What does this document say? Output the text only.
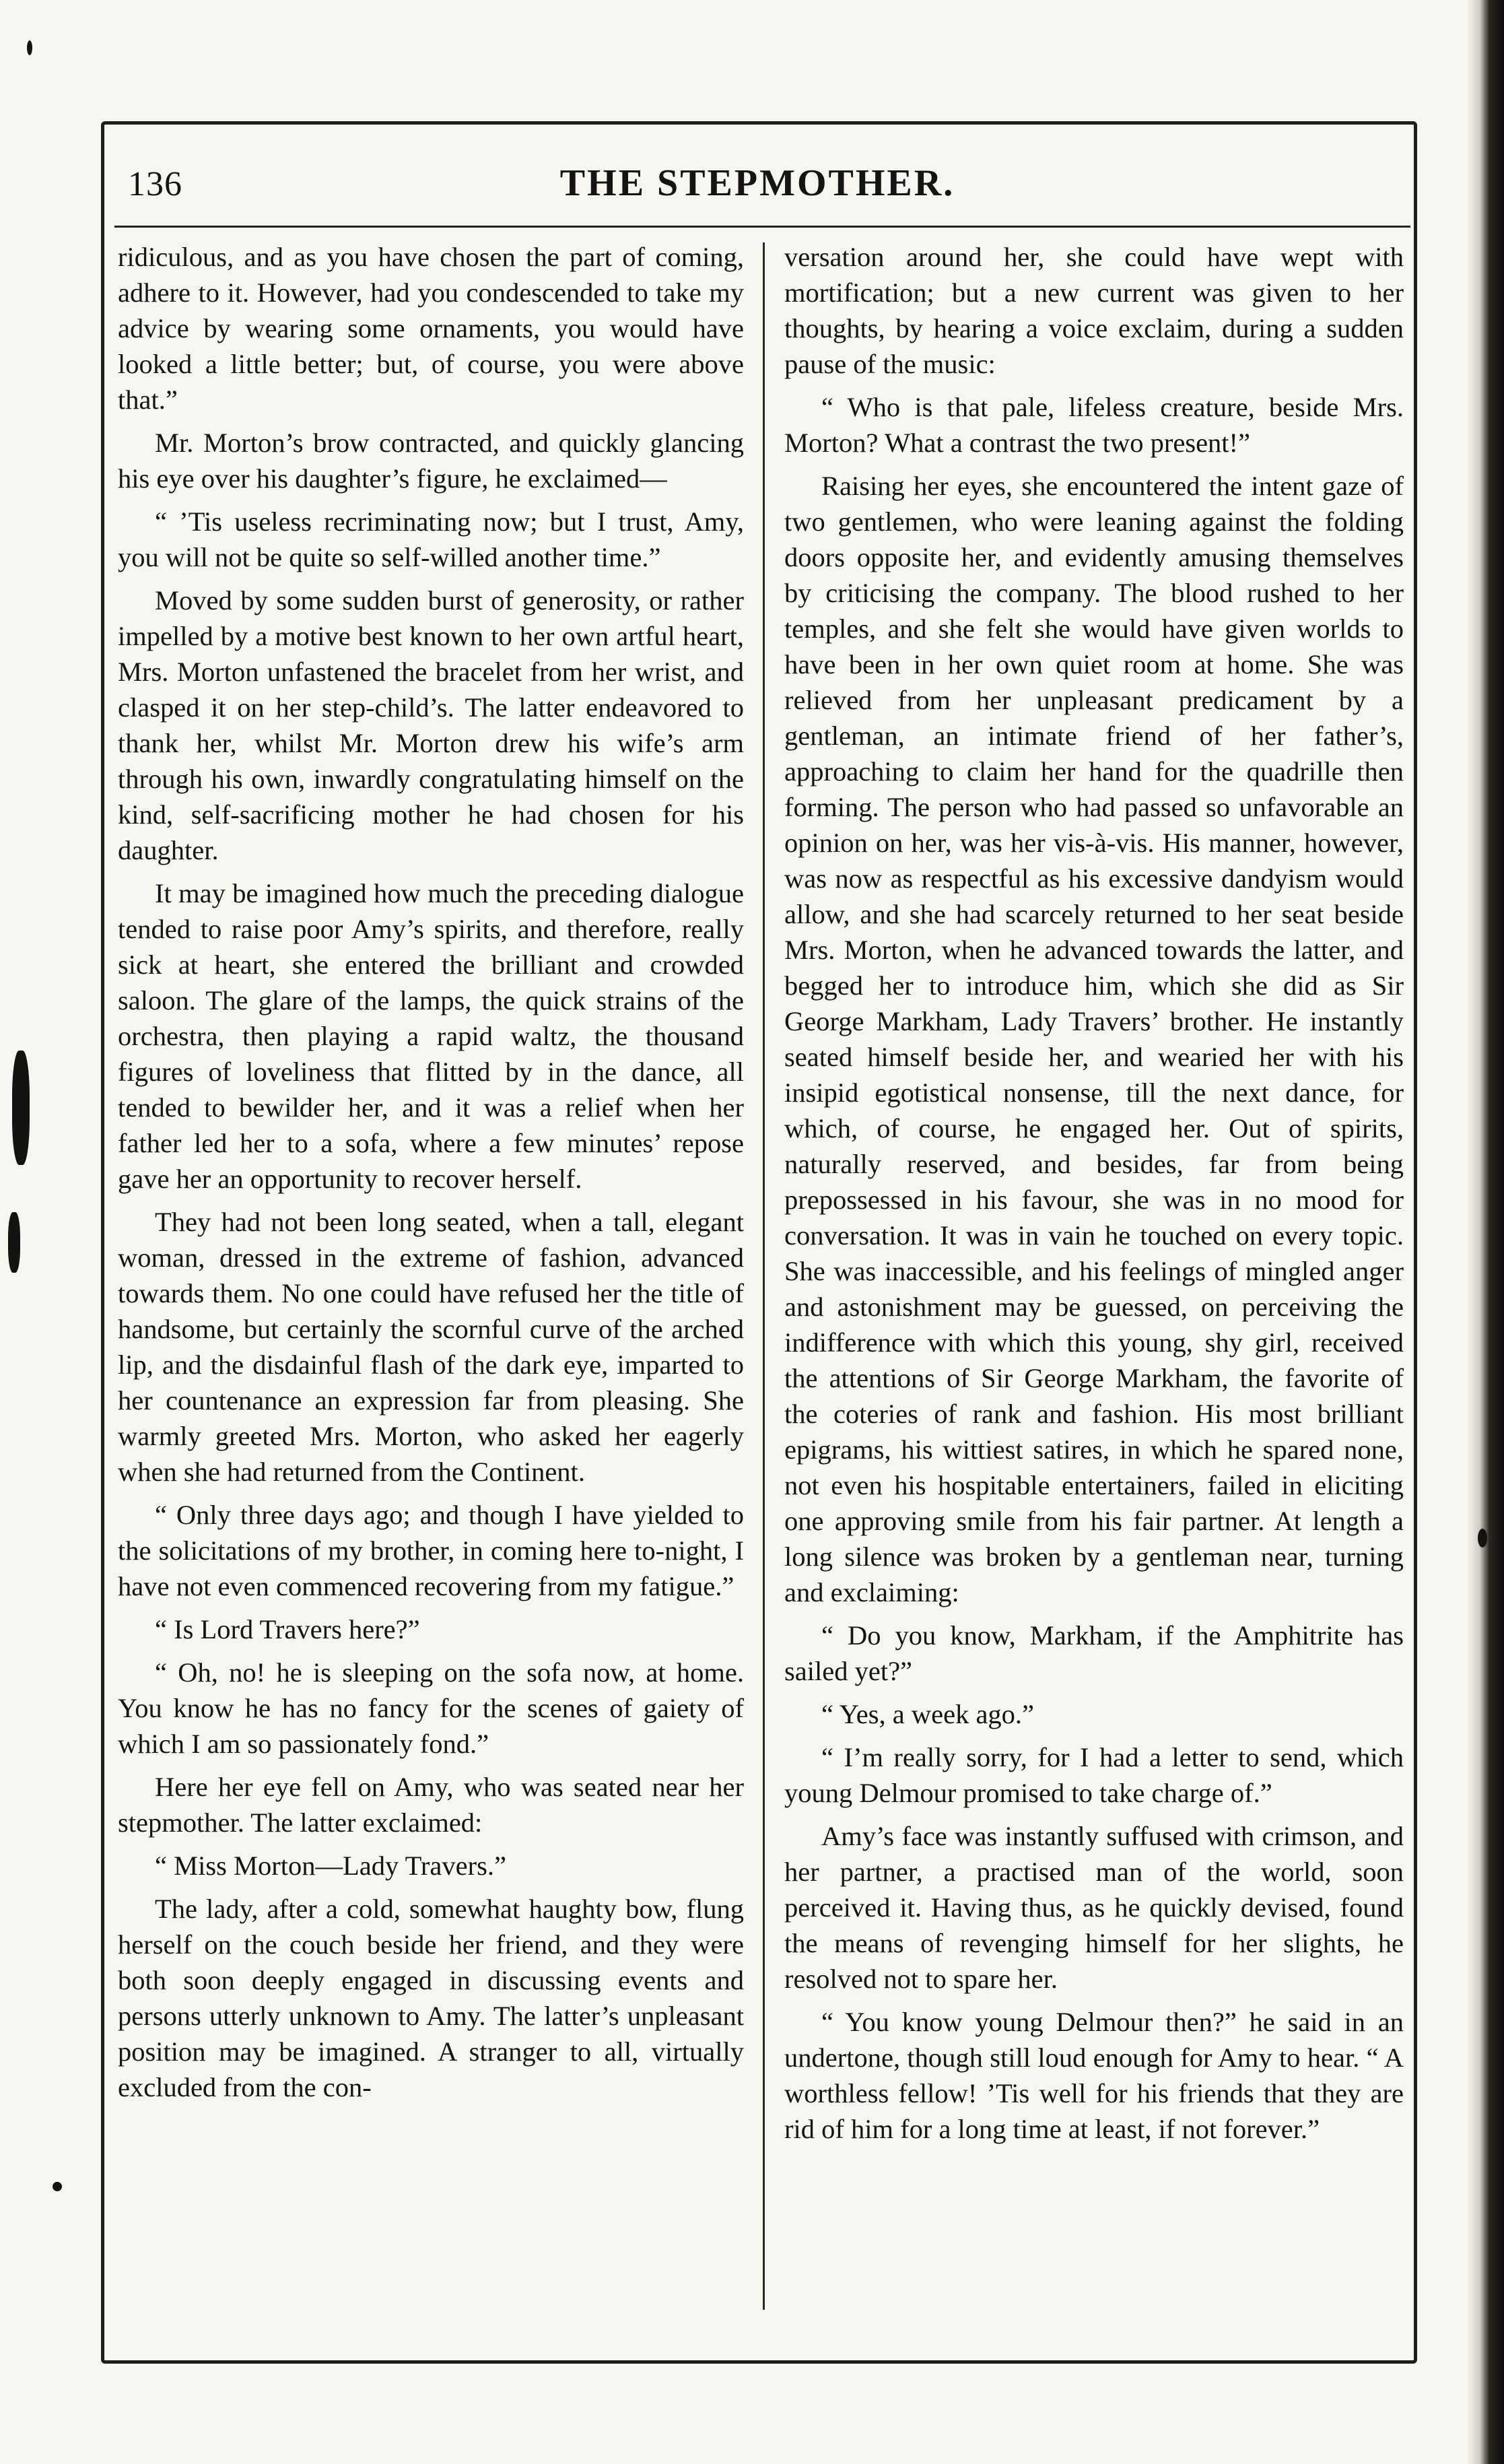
136	THE STEPMOTHER.

ridiculous, and as you have chosen the part of coming, adhere to it. However, had you condescended to take my advice by wearing some ornaments, you would have looked a little better; but, of course, you were above that.”

Mr. Morton’s brow contracted, and quickly glancing his eye over his daughter’s figure, he exclaimed—

“ ’Tis useless recriminating now; but I trust, Amy, you will not be quite so self-willed another time.”

Moved by some sudden burst of generosity, or rather impelled by a motive best known to her own artful heart, Mrs. Morton unfastened the bracelet from her wrist, and clasped it on her step-child’s. The latter endeavored to thank her, whilst Mr. Morton drew his wife’s arm through his own, inwardly congratulating himself on the kind, self-sacrificing mother he had chosen for his daughter.

It may be imagined how much the preceding dialogue tended to raise poor Amy’s spirits, and therefore, really sick at heart, she entered the brilliant and crowded saloon. The glare of the lamps, the quick strains of the orchestra, then playing a rapid waltz, the thousand figures of loveliness that flitted by in the dance, all tended to bewilder her, and it was a relief when her father led her to a sofa, where a few minutes’ repose gave her an opportunity to recover herself.

They had not been long seated, when a tall, elegant woman, dressed in the extreme of fashion, advanced towards them. No one could have refused her the title of handsome, but certainly the scornful curve of the arched lip, and the disdainful flash of the dark eye, imparted to her countenance an expression far from pleasing. She warmly greeted Mrs. Morton, who asked her eagerly when she had returned from the Continent.

“ Only three days ago; and though I have yielded to the solicitations of my brother, in coming here to-night, I have not even commenced recovering from my fatigue.”

“ Is Lord Travers here?”

“ Oh, no! he is sleeping on the sofa now, at home. You know he has no fancy for the scenes of gaiety of which I am so passionately fond.”

Here her eye fell on Amy, who was seated near her stepmother. The latter exclaimed:

“ Miss Morton—Lady Travers.”

The lady, after a cold, somewhat haughty bow, flung herself on the couch beside her friend, and they were both soon deeply engaged in discussing events and persons utterly unknown to Amy. The latter’s unpleasant position may be imagined. A stranger to all, virtually excluded from the con-

versation around her, she could have wept with mortification; but a new current was given to her thoughts, by hearing a voice exclaim, during a sudden pause of the music:

“ Who is that pale, lifeless creature, beside Mrs. Morton? What a contrast the two present!”

Raising her eyes, she encountered the intent gaze of two gentlemen, who were leaning against the folding doors opposite her, and evidently amusing themselves by criticising the company. The blood rushed to her temples, and she felt she would have given worlds to have been in her own quiet room at home. She was relieved from her unpleasant predicament by a gentleman, an intimate friend of her father’s, approaching to claim her hand for the quadrille then forming. The person who had passed so unfavorable an opinion on her, was her vis-à-vis. His manner, however, was now as respectful as his excessive dandyism would allow, and she had scarcely returned to her seat beside Mrs. Morton, when he advanced towards the latter, and begged her to introduce him, which she did as Sir George Markham, Lady Travers’ brother. He instantly seated himself beside her, and wearied her with his insipid egotistical nonsense, till the next dance, for which, of course, he engaged her. Out of spirits, naturally reserved, and besides, far from being prepossessed in his favour, she was in no mood for conversation. It was in vain he touched on every topic. She was inaccessible, and his feelings of mingled anger and astonishment may be guessed, on perceiving the indifference with which this young, shy girl, received the attentions of Sir George Markham, the favorite of the coteries of rank and fashion. His most brilliant epigrams, his wittiest satires, in which he spared none, not even his hospitable entertainers, failed in eliciting one approving smile from his fair partner. At length a long silence was broken by a gentleman near, turning and exclaiming:

“ Do you know, Markham, if the Amphitrite has sailed yet?”

“ Yes, a week ago.”

“ I’m really sorry, for I had a letter to send, which young Delmour promised to take charge of.”

Amy’s face was instantly suffused with crimson, and her partner, a practised man of the world, soon perceived it. Having thus, as he quickly devised, found the means of revenging himself for her slights, he resolved not to spare her.

“ You know young Delmour then?” he said in an undertone, though still loud enough for Amy to hear. “ A worthless fellow! ’Tis well for his friends that they are rid of him for a long time at least, if not forever.”
